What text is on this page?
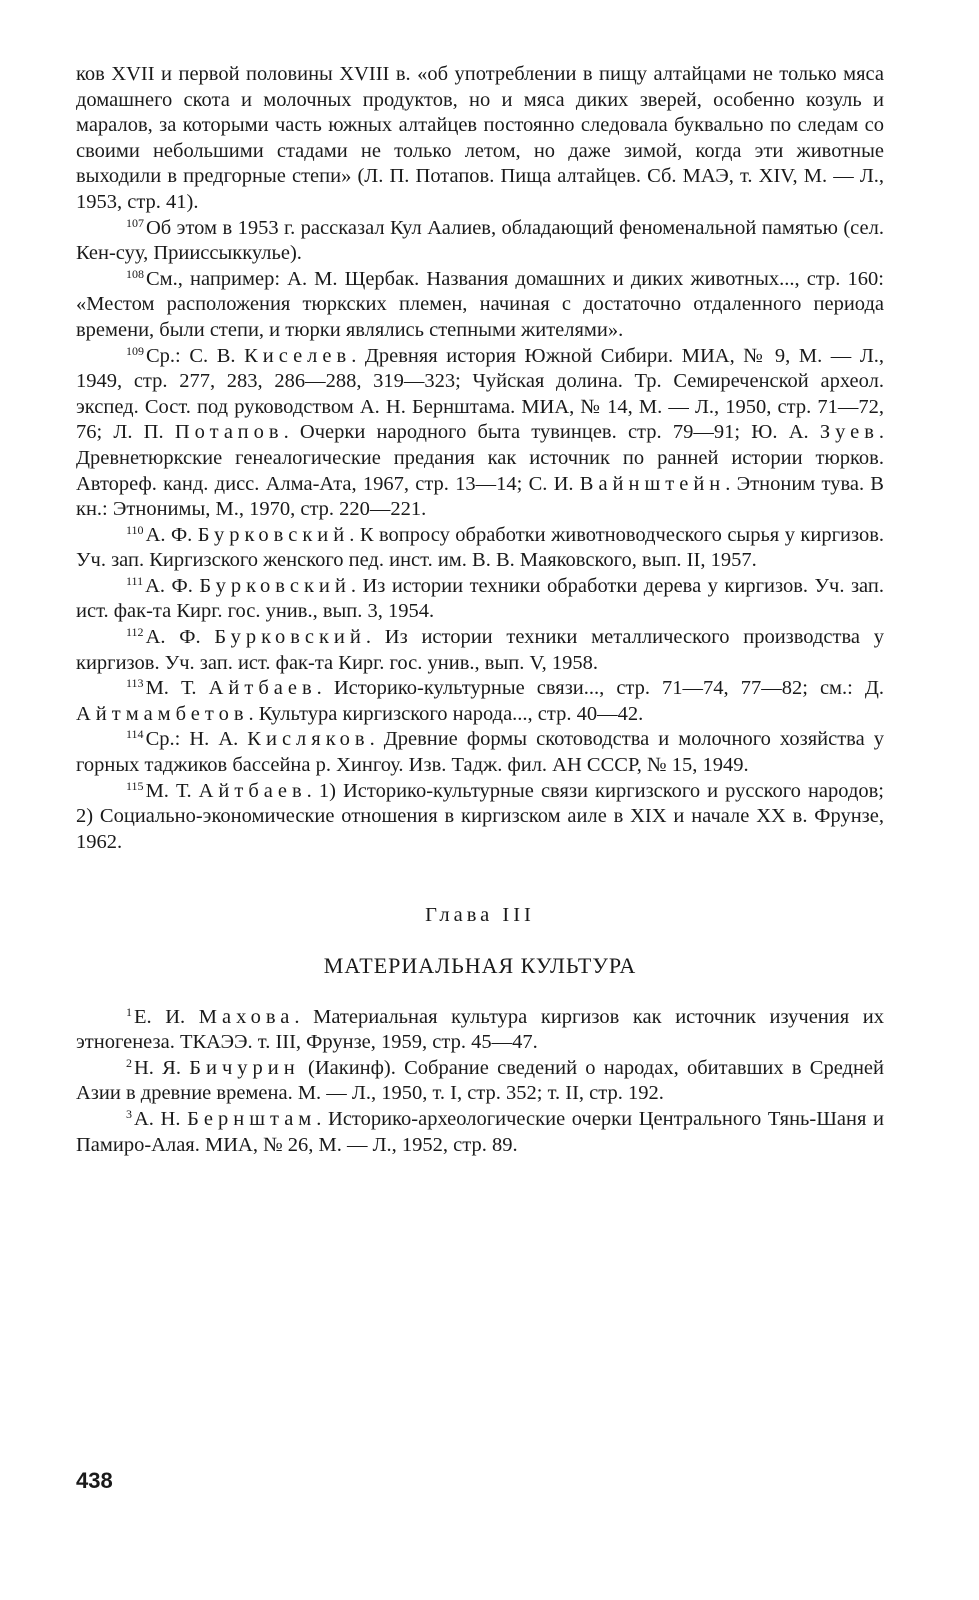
ков XVII и первой половины XVIII в. «об употреблении в пищу алтайцами не только мяса домашнего скота и молочных продуктов, но и мяса диких зверей, особенно козуль и маралов, за которыми часть южных алтайцев постоянно следовала буквально по следам со своими небольшими стадами не только летом, но даже зимой, когда эти животные выходили в предгорные степи» (Л. П. Потапов. Пища алтайцев. Сб. МАЭ, т. XIV, М. — Л., 1953, стр. 41).

$^{107}$Об этом в 1953 г. рассказал Кул Аалиев, обладающий феноменальной памятью (сел. Кен-суу, Приисcыккулье).

$^{108}$См., например: А. М. Щербак. Названия домашних и диких животных..., стр. 160: «Местом расположения тюркских племен, начиная с достаточно отдаленного периода времени, были степи, и тюрки являлись степными жителями».

$^{109}$Ср.: С. В. Киселев. Древняя история Южной Сибири. МИА, № 9, М. — Л., 1949, стр. 277, 283, 286—288, 319—323; Чуйская долина. Тр. Семиреченской археол. экспед. Сост. под руководством А. Н. Бернштама. МИА, № 14, М. — Л., 1950, стр. 71—72, 76; Л. П. Потапов. Очерки народного быта тувинцев. стр. 79—91; Ю. А. Зуев. Древнетюркские генеалогические предания как источник по ранней истории тюрков. Автореф. канд. дисс. Алма-Ата, 1967, стр. 13—14; С. И. Вайнштейн. Этноним тува. В кн.: Этнонимы, М., 1970, стр. 220—221.

$^{110}$А. Ф. Бурковский. К вопросу обработки животноводческого сырья у киргизов. Уч. зап. Киргизского женского пед. инст. им. В. В. Маяковского, вып. II, 1957.

$^{111}$А. Ф. Бурковский. Из истории техники обработки дерева у киргизов. Уч. зап. ист. фак-та Кирг. гос. унив., вып. 3, 1954.

$^{112}$А. Ф. Бурковский. Из истории техники металлического производства у киргизов. Уч. зап. ист. фак-та Кирг. гос. унив., вып. V, 1958.

$^{113}$М. Т. Айтбаев. Историко-культурные связи..., стр. 71—74, 77—82; см.: Д. Айтмамбетов. Культура киргизского народа..., стр. 40—42.

$^{114}$Ср.: Н. А. Кисляков. Древние формы скотоводства и молочного хозяйства у горных таджиков бассейна р. Хингоу. Изв. Тадж. фил. АН СССР, № 15, 1949.

$^{115}$М. Т. Айтбаев. 1) Историко-культурные связи киргизского и русского народов; 2) Социально-экономические отношения в киргизском аиле в XIX и начале XX в. Фрунзе, 1962.

Глава III
МАТЕРИАЛЬНАЯ КУЛЬТУРА

$^1$Е. И. Махова. Материальная культура киргизов как источник изучения их этногенеза. ТКАЭЭ. т. III, Фрунзе, 1959, стр. 45—47.

$^2$Н. Я. Бичурин (Иакинф). Собрание сведений о народах, обитавших в Средней Азии в древние времена. М. — Л., 1950, т. I, стр. 352; т. II, стр. 192.

$^3$А. Н. Бернштам. Историко-археологические очерки Центрального Тянь-Шаня и Памиро-Алая. МИА, № 26, М. — Л., 1952, стр. 89.

438
